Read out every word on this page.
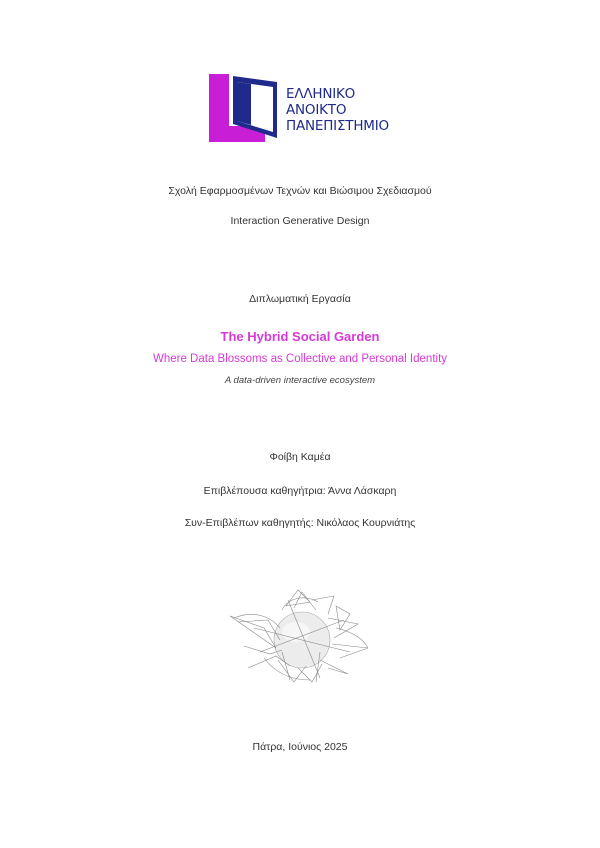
ΕΛΛΗΝΙΚΟ
ΑΝΟΙΚΤΟ
ΠΑΝΕΠΙΣΤΗΜΙΟ
Σχολή Εφαρμοσμένων Τεχνών και Βιώσιμου Σχεδιασμού
Interaction Generative Design
Διπλωματική Εργασία
The Hybrid Social Garden
Where Data Blossoms as Collective and Personal Identity
A data-driven interactive ecosystem
Φοίβη Καμέα
Επιβλέπουσα καθηγήτρια: Άννα Λάσκαρη
Συν-Επιβλέπων καθηγητής: Νικόλαος Κουρνιάτης
Πάτρα, Ιούνιος 2025
